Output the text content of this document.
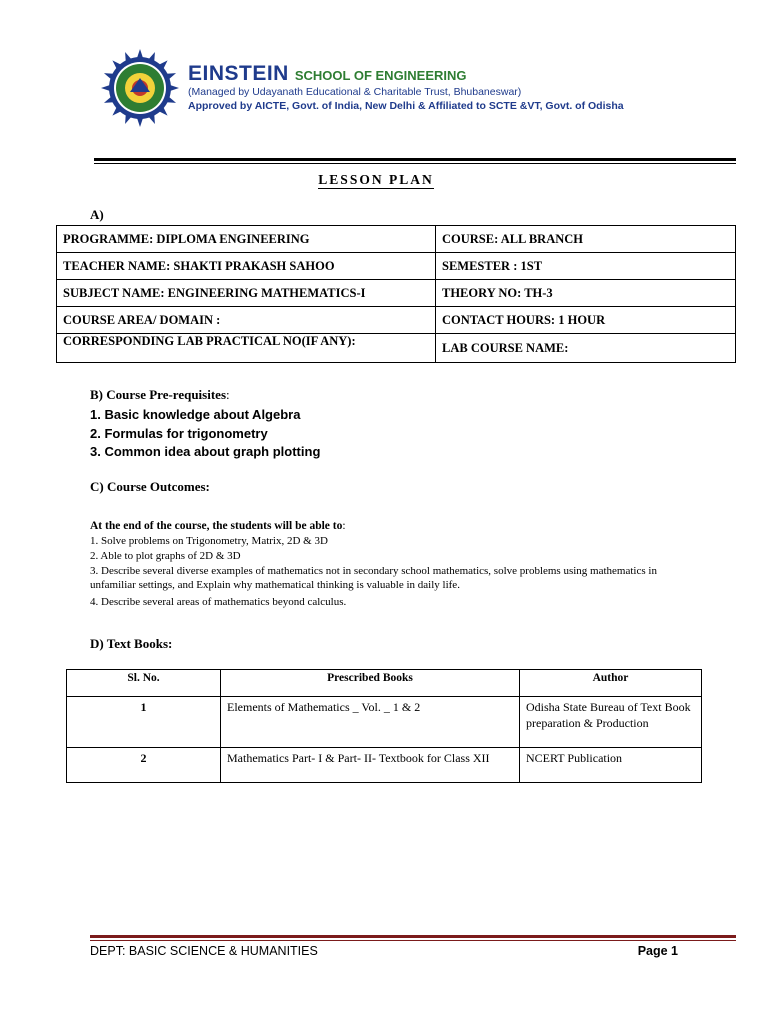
EINSTEIN SCHOOL OF ENGINEERING
(Managed by Udayanath Educational & Charitable Trust, Bhubaneswar)
Approved by AICTE, Govt. of India, New Delhi & Affiliated to SCTE &VT, Govt. of Odisha
LESSON PLAN
A)
PROGRAMME: DIPLOMA ENGINEERING	COURSE: ALL BRANCH
TEACHER NAME: SHAKTI PRAKASH SAHOO	SEMESTER : 1ST
SUBJECT NAME: ENGINEERING MATHEMATICS-I	THEORY NO: TH-3
COURSE AREA/ DOMAIN :	CONTACT HOURS: 1 HOUR
CORRESPONDING LAB PRACTICAL NO(IF ANY):	LAB COURSE NAME:
B) Course Pre-requisites:
1. Basic knowledge about Algebra
2. Formulas for trigonometry
3. Common idea about graph plotting
C) Course Outcomes:
At the end of the course, the students will be able to:
1. Solve problems on Trigonometry, Matrix, 2D & 3D
2. Able to plot graphs of 2D & 3D
3. Describe several diverse examples of mathematics not in secondary school mathematics, solve problems using mathematics in unfamiliar settings, and Explain why mathematical thinking is valuable in daily life.
4. Describe several areas of mathematics beyond calculus.
D) Text Books:
Sl. No.	Prescribed Books	Author
1	Elements of Mathematics _ Vol. _ 1 & 2	Odisha State Bureau of Text Book preparation & Production
2	Mathematics Part- I & Part- II- Textbook for Class XII	NCERT Publication
DEPT: BASIC SCIENCE & HUMANITIES	Page 1
